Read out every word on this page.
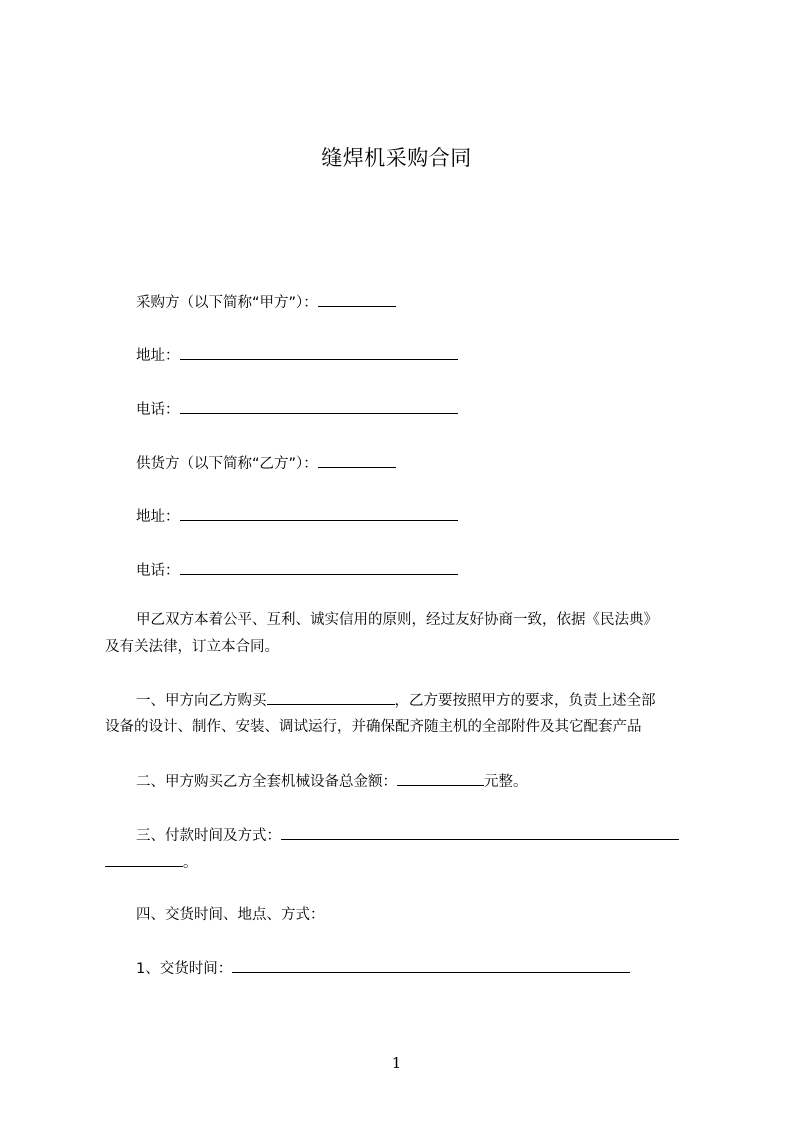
缝焊机采购合同
采购方（以下简称“甲方”）：
地址：
电话：
供货方（以下简称“乙方”）：
地址：
电话：
甲乙双方本着公平、互利、诚实信用的原则，经过友好协商一致，依据《民法典》
及有关法律，订立本合同。
一、甲方向乙方购买	，乙方要按照甲方的要求，负责上述全部
设备的设计、制作、安装、调试运行，并确保配齐随主机的全部附件及其它配套产品
二、甲方购买乙方全套机械设备总金额：	元整。
三、付款时间及方式：
。
四、交货时间、地点、方式：
1、交货时间：
1
